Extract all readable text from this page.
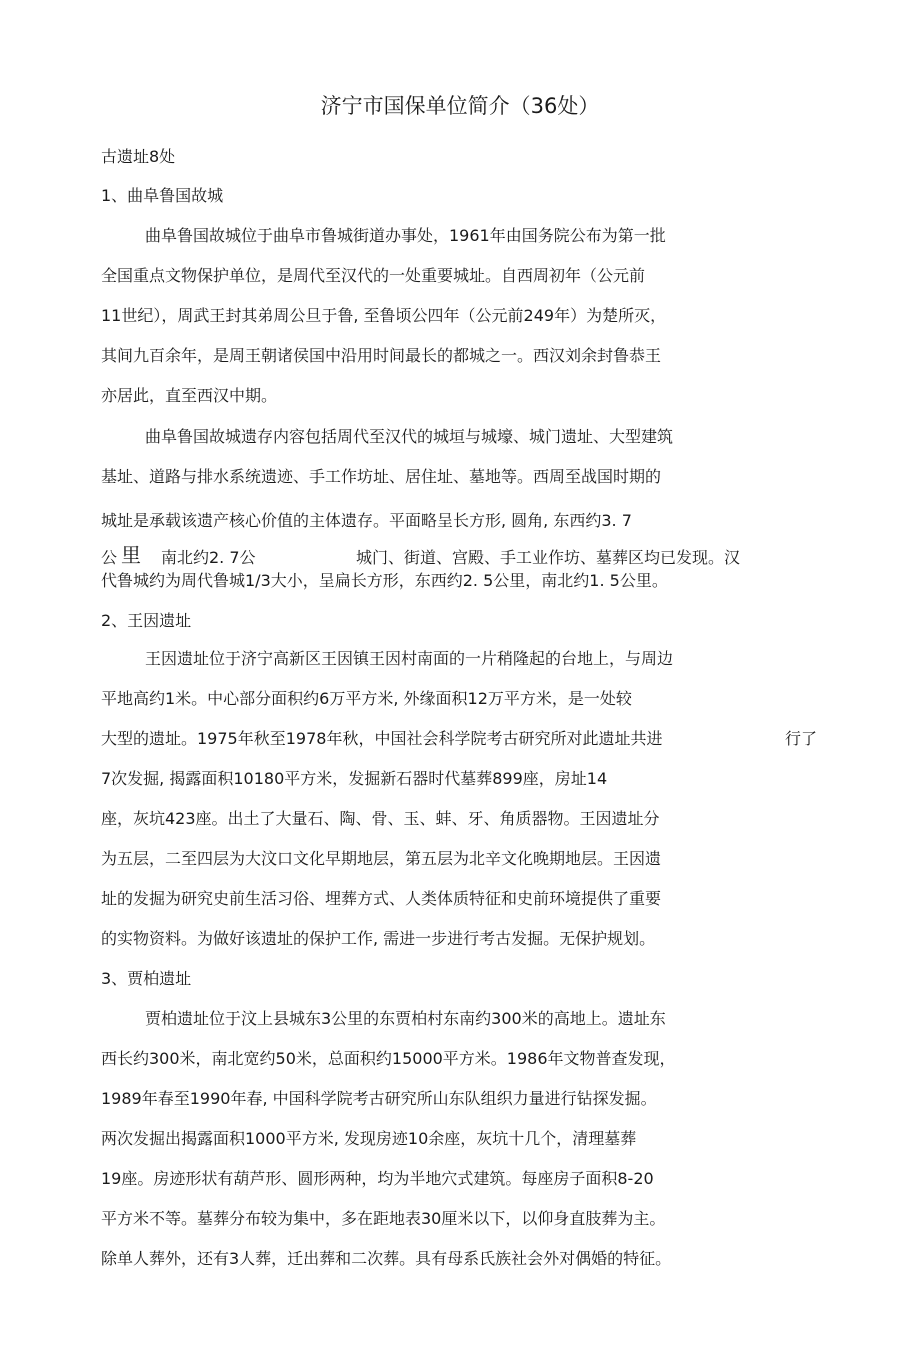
济宁市国保单位简介（36处）
古遗址8处
1、曲阜鲁国故城
曲阜鲁国故城位于曲阜市鲁城街道办事处，1961年由国务院公布为第一批
全国重点文物保护单位，是周代至汉代的一处重要城址。自西周初年（公元前
11世纪），周武王封其弟周公旦于鲁, 至鲁顷公四年（公元前249年）为楚所灭，
其间九百余年，是周王朝诸侯国中沿用时间最长的都城之一。西汉刘余封鲁恭王
亦居此，直至西汉中期。
曲阜鲁国故城遗存内容包括周代至汉代的城垣与城壕、城门遗址、大型建筑
基址、道路与排水系统遗迹、手工作坊址、居住址、墓地等。西周至战国时期的
城址是承载该遗产核心价值的主体遗存。平面略呈长方形, 圆角, 东西约3. 7
公 里 南北约2. 7公	城门、街道、宫殿、手工业作坊、墓葬区均已发现。汉
代鲁城约为周代鲁城1/3大小，呈扁长方形，东西约2. 5公里，南北约1. 5公里。
2、王因遗址
王因遗址位于济宁高新区王因镇王因村南面的一片稍隆起的台地上，与周边
平地高约1米。中心部分面积约6万平方米, 外缘面积12万平方米，是一处较
大型的遗址。1975年秋至1978年秋，中国社会科学院考古研究所对此遗址共进	行了
7次发掘, 揭露面积10180平方米，发掘新石器时代墓葬899座，房址14
座，灰坑423座。出土了大量石、陶、骨、玉、蚌、牙、角质器物。王因遗址分
为五层，二至四层为大汶口文化早期地层，第五层为北辛文化晚期地层。王因遗
址的发掘为研究史前生活习俗、埋葬方式、人类体质特征和史前环境提供了重要
的实物资料。为做好该遗址的保护工作, 需进一步进行考古发掘。无保护规划。
3、贾柏遗址
贾柏遗址位于汶上县城东3公里的东贾柏村东南约300米的高地上。遗址东
西长约300米，南北宽约50米，总面积约15000平方米。1986年文物普查发现，
1989年春至1990年春, 中国科学院考古研究所山东队组织力量进行钻探发掘。
两次发掘出揭露面积1000平方米, 发现房迹10余座，灰坑十几个，清理墓葬
19座。房迹形状有葫芦形、圆形两种，均为半地穴式建筑。每座房子面积8-20
平方米不等。墓葬分布较为集中，多在距地表30厘米以下，以仰身直肢葬为主。
除单人葬外，还有3人葬，迁出葬和二次葬。具有母系氏族社会外对偶婚的特征。
